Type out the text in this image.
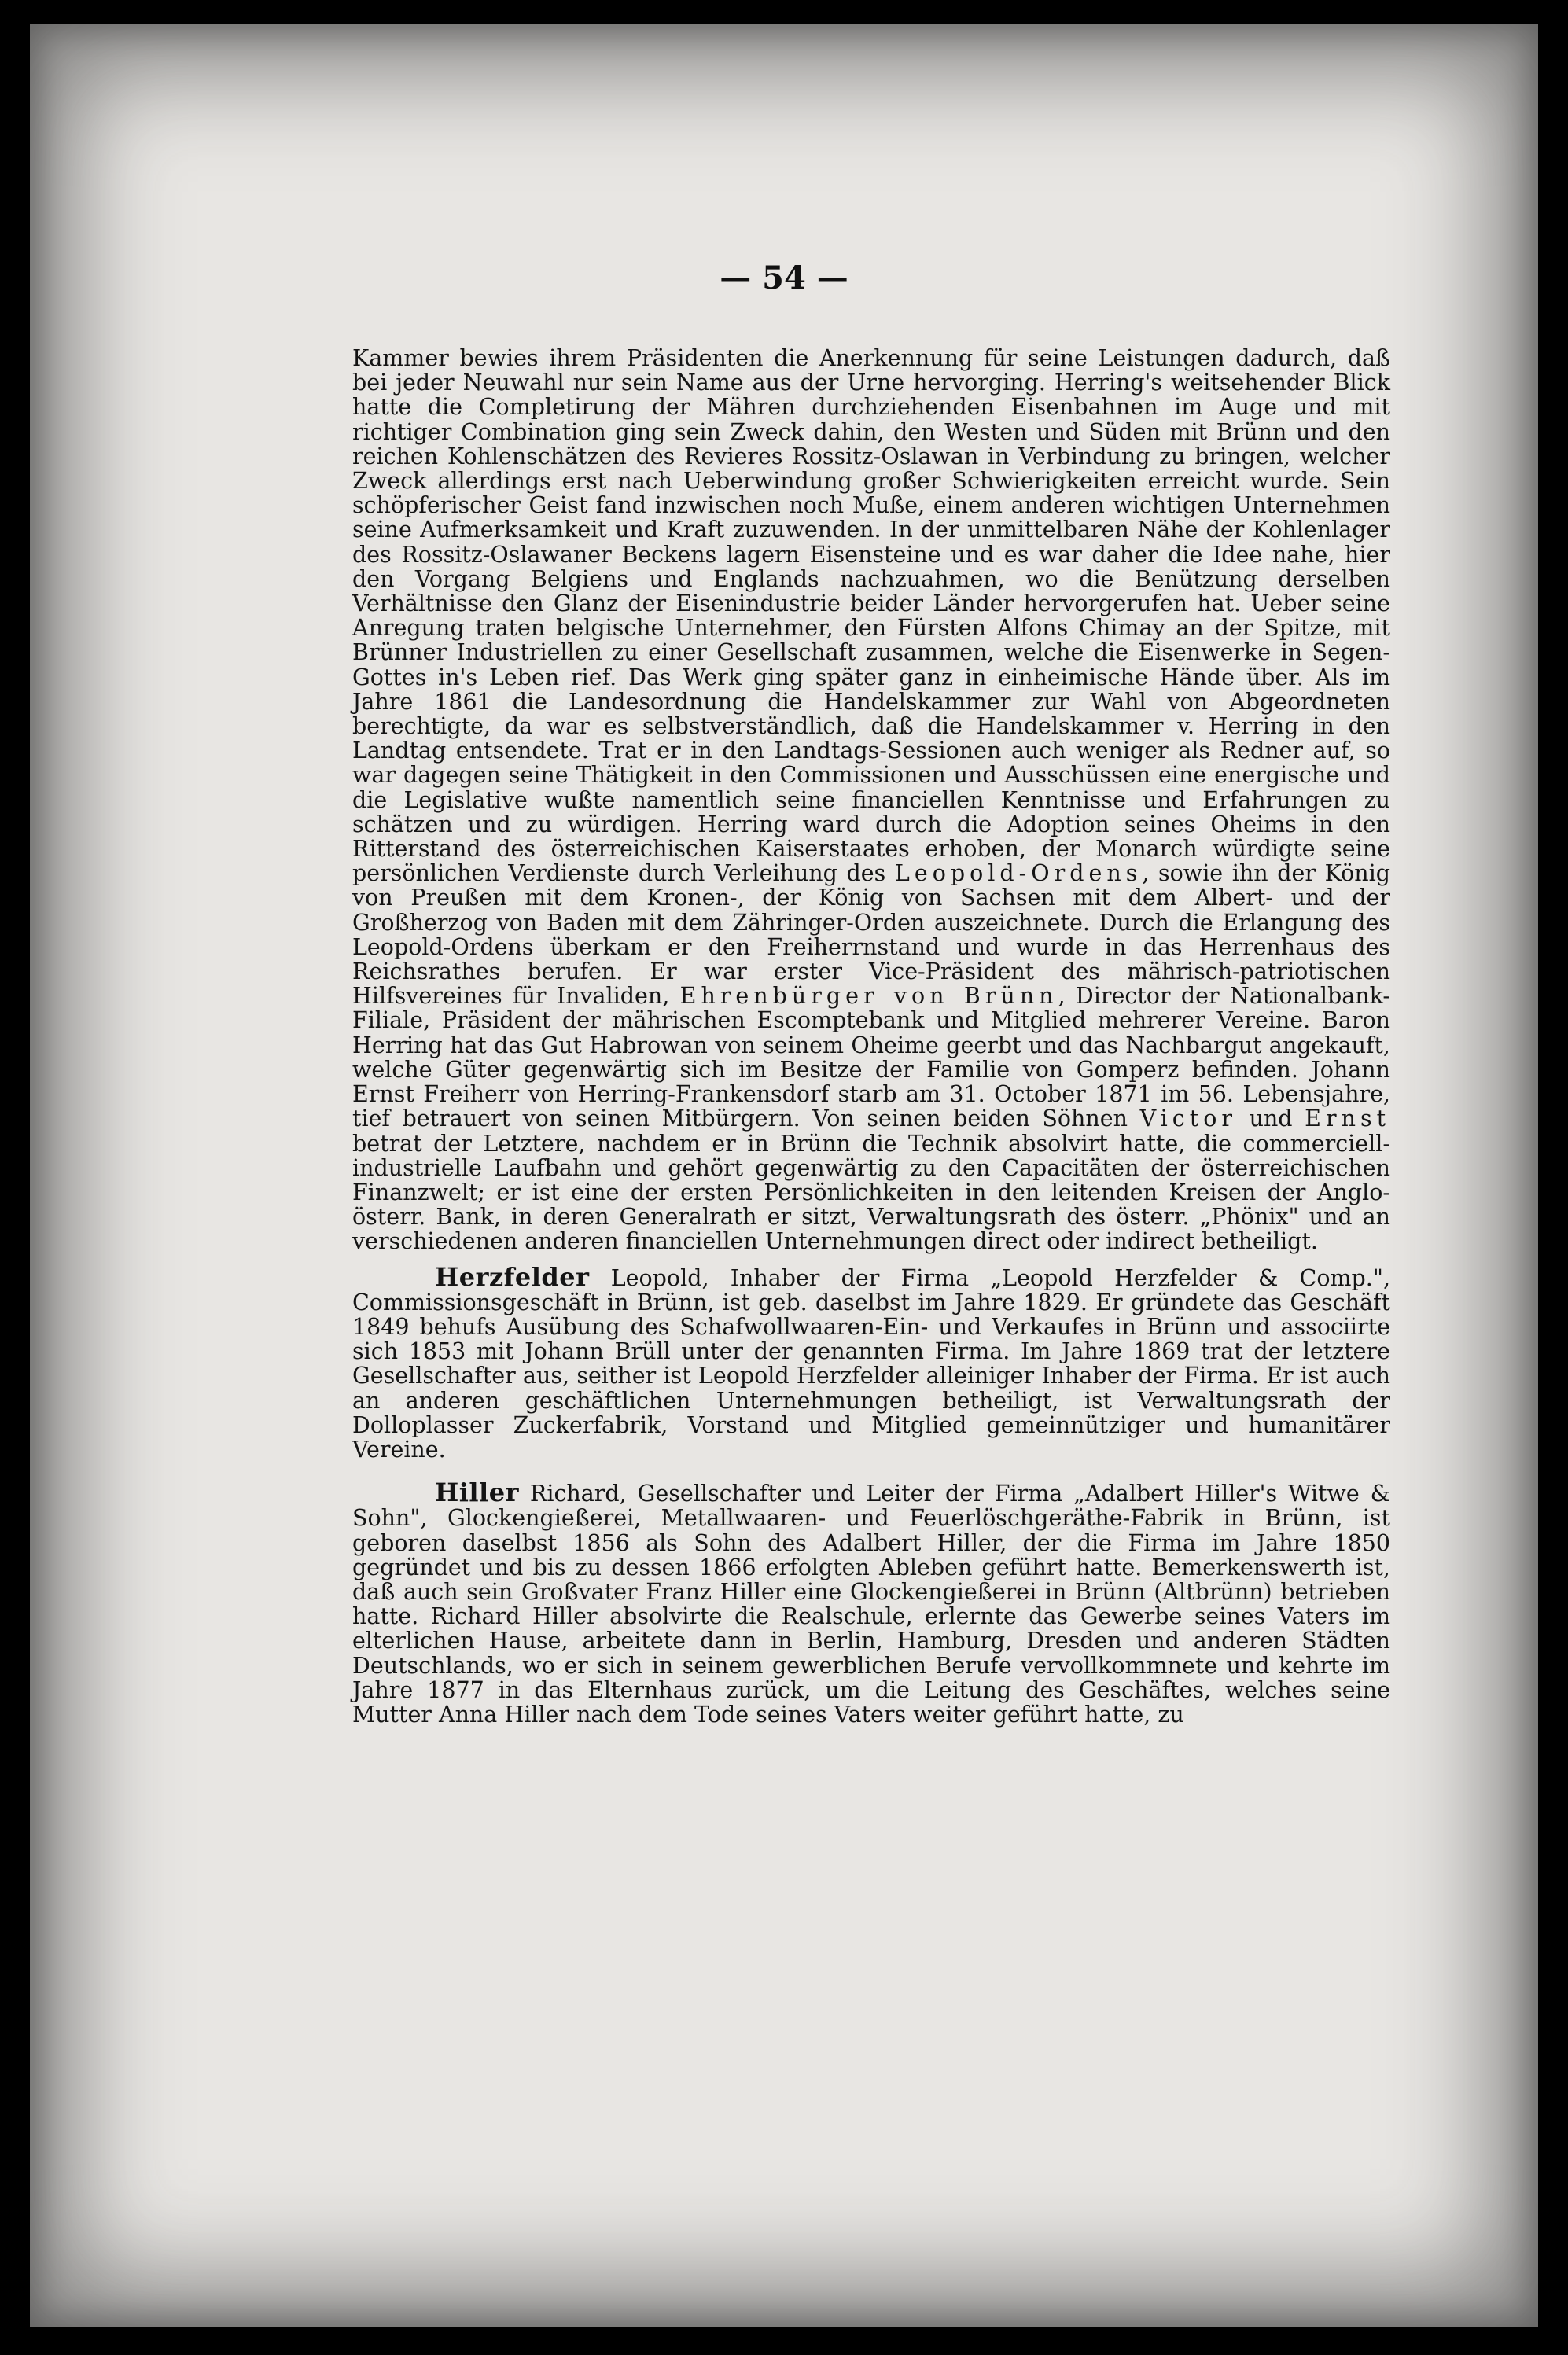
— 54 —

Kammer bewies ihrem Präsidenten die Anerkennung für seine Leistungen dadurch, daß bei jeder Neuwahl nur sein Name aus der Urne hervorging. Herring's weitsehender Blick hatte die Completirung der Mähren durchziehenden Eisenbahnen im Auge und mit richtiger Combination ging sein Zweck dahin, den Westen und Süden mit Brünn und den reichen Kohlenschätzen des Revieres Rossitz-Oslawan in Verbindung zu bringen, welcher Zweck allerdings erst nach Ueberwindung großer Schwierigkeiten erreicht wurde. Sein schöpferischer Geist fand inzwischen noch Muße, einem anderen wichtigen Unternehmen seine Aufmerksamkeit und Kraft zuzuwenden. In der unmittelbaren Nähe der Kohlenlager des Rossitz-Oslawaner Beckens lagern Eisensteine und es war daher die Idee nahe, hier den Vorgang Belgiens und Englands nachzuahmen, wo die Benützung derselben Verhältnisse den Glanz der Eisenindustrie beider Länder hervorgerufen hat. Ueber seine Anregung traten belgische Unternehmer, den Fürsten Alfons Chimay an der Spitze, mit Brünner Industriellen zu einer Gesellschaft zusammen, welche die Eisenwerke in Segen-Gottes in's Leben rief. Das Werk ging später ganz in einheimische Hände über. Als im Jahre 1861 die Landesordnung die Handelskammer zur Wahl von Abgeordneten berechtigte, da war es selbstverständlich, daß die Handelskammer v. Herring in den Landtag entsendete. Trat er in den Landtags-Sessionen auch weniger als Redner auf, so war dagegen seine Thätigkeit in den Commissionen und Ausschüssen eine energische und die Legislative wußte namentlich seine financiellen Kenntnisse und Erfahrungen zu schätzen und zu würdigen. Herring ward durch die Adoption seines Oheims in den Ritterstand des österreichischen Kaiserstaates erhoben, der Monarch würdigte seine persönlichen Verdienste durch Verleihung des Leopold-Ordens, sowie ihn der König von Preußen mit dem Kronen-, der König von Sachsen mit dem Albert- und der Großherzog von Baden mit dem Zähringer-Orden auszeichnete. Durch die Erlangung des Leopold-Ordens überkam er den Freiherrnstand und wurde in das Herrenhaus des Reichsrathes berufen. Er war erster Vice-Präsident des mährisch-patriotischen Hilfsvereines für Invaliden, Ehrenbürger von Brünn, Director der Nationalbank-Filiale, Präsident der mährischen Escomptebank und Mitglied mehrerer Vereine. Baron Herring hat das Gut Habrowan von seinem Oheime geerbt und das Nachbargut angekauft, welche Güter gegenwärtig sich im Besitze der Familie von Gomperz befinden. Johann Ernst Freiherr von Herring-Frankensdorf starb am 31. October 1871 im 56. Lebensjahre, tief betrauert von seinen Mitbürgern. Von seinen beiden Söhnen Victor und Ernst betrat der Letztere, nachdem er in Brünn die Technik absolvirt hatte, die commerciell-industrielle Laufbahn und gehört gegenwärtig zu den Capacitäten der österreichischen Finanzwelt; er ist eine der ersten Persönlichkeiten in den leitenden Kreisen der Anglo-österr. Bank, in deren Generalrath er sitzt, Verwaltungsrath des österr. „Phönix" und an verschiedenen anderen financiellen Unternehmungen direct oder indirect betheiligt.

Herzfelder Leopold, Inhaber der Firma „Leopold Herzfelder & Comp.", Commissionsgeschäft in Brünn, ist geb. daselbst im Jahre 1829. Er gründete das Geschäft 1849 behufs Ausübung des Schafwollwaaren-Ein- und Verkaufes in Brünn und associirte sich 1853 mit Johann Brüll unter der genannten Firma. Im Jahre 1869 trat der letztere Gesellschafter aus, seither ist Leopold Herzfelder alleiniger Inhaber der Firma. Er ist auch an anderen geschäftlichen Unternehmungen betheiligt, ist Verwaltungsrath der Dolloplasser Zuckerfabrik, Vorstand und Mitglied gemeinnütziger und humanitärer Vereine.

Hiller Richard, Gesellschafter und Leiter der Firma „Adalbert Hiller's Witwe & Sohn", Glockengießerei, Metallwaaren- und Feuerlöschgeräthe-Fabrik in Brünn, ist geboren daselbst 1856 als Sohn des Adalbert Hiller, der die Firma im Jahre 1850 gegründet und bis zu dessen 1866 erfolgten Ableben geführt hatte. Bemerkenswerth ist, daß auch sein Großvater Franz Hiller eine Glockengießerei in Brünn (Altbrünn) betrieben hatte. Richard Hiller absolvirte die Realschule, erlernte das Gewerbe seines Vaters im elterlichen Hause, arbeitete dann in Berlin, Hamburg, Dresden und anderen Städten Deutschlands, wo er sich in seinem gewerblichen Berufe vervollkommnete und kehrte im Jahre 1877 in das Elternhaus zurück, um die Leitung des Geschäftes, welches seine Mutter Anna Hiller nach dem Tode seines Vaters weiter geführt hatte, zu
